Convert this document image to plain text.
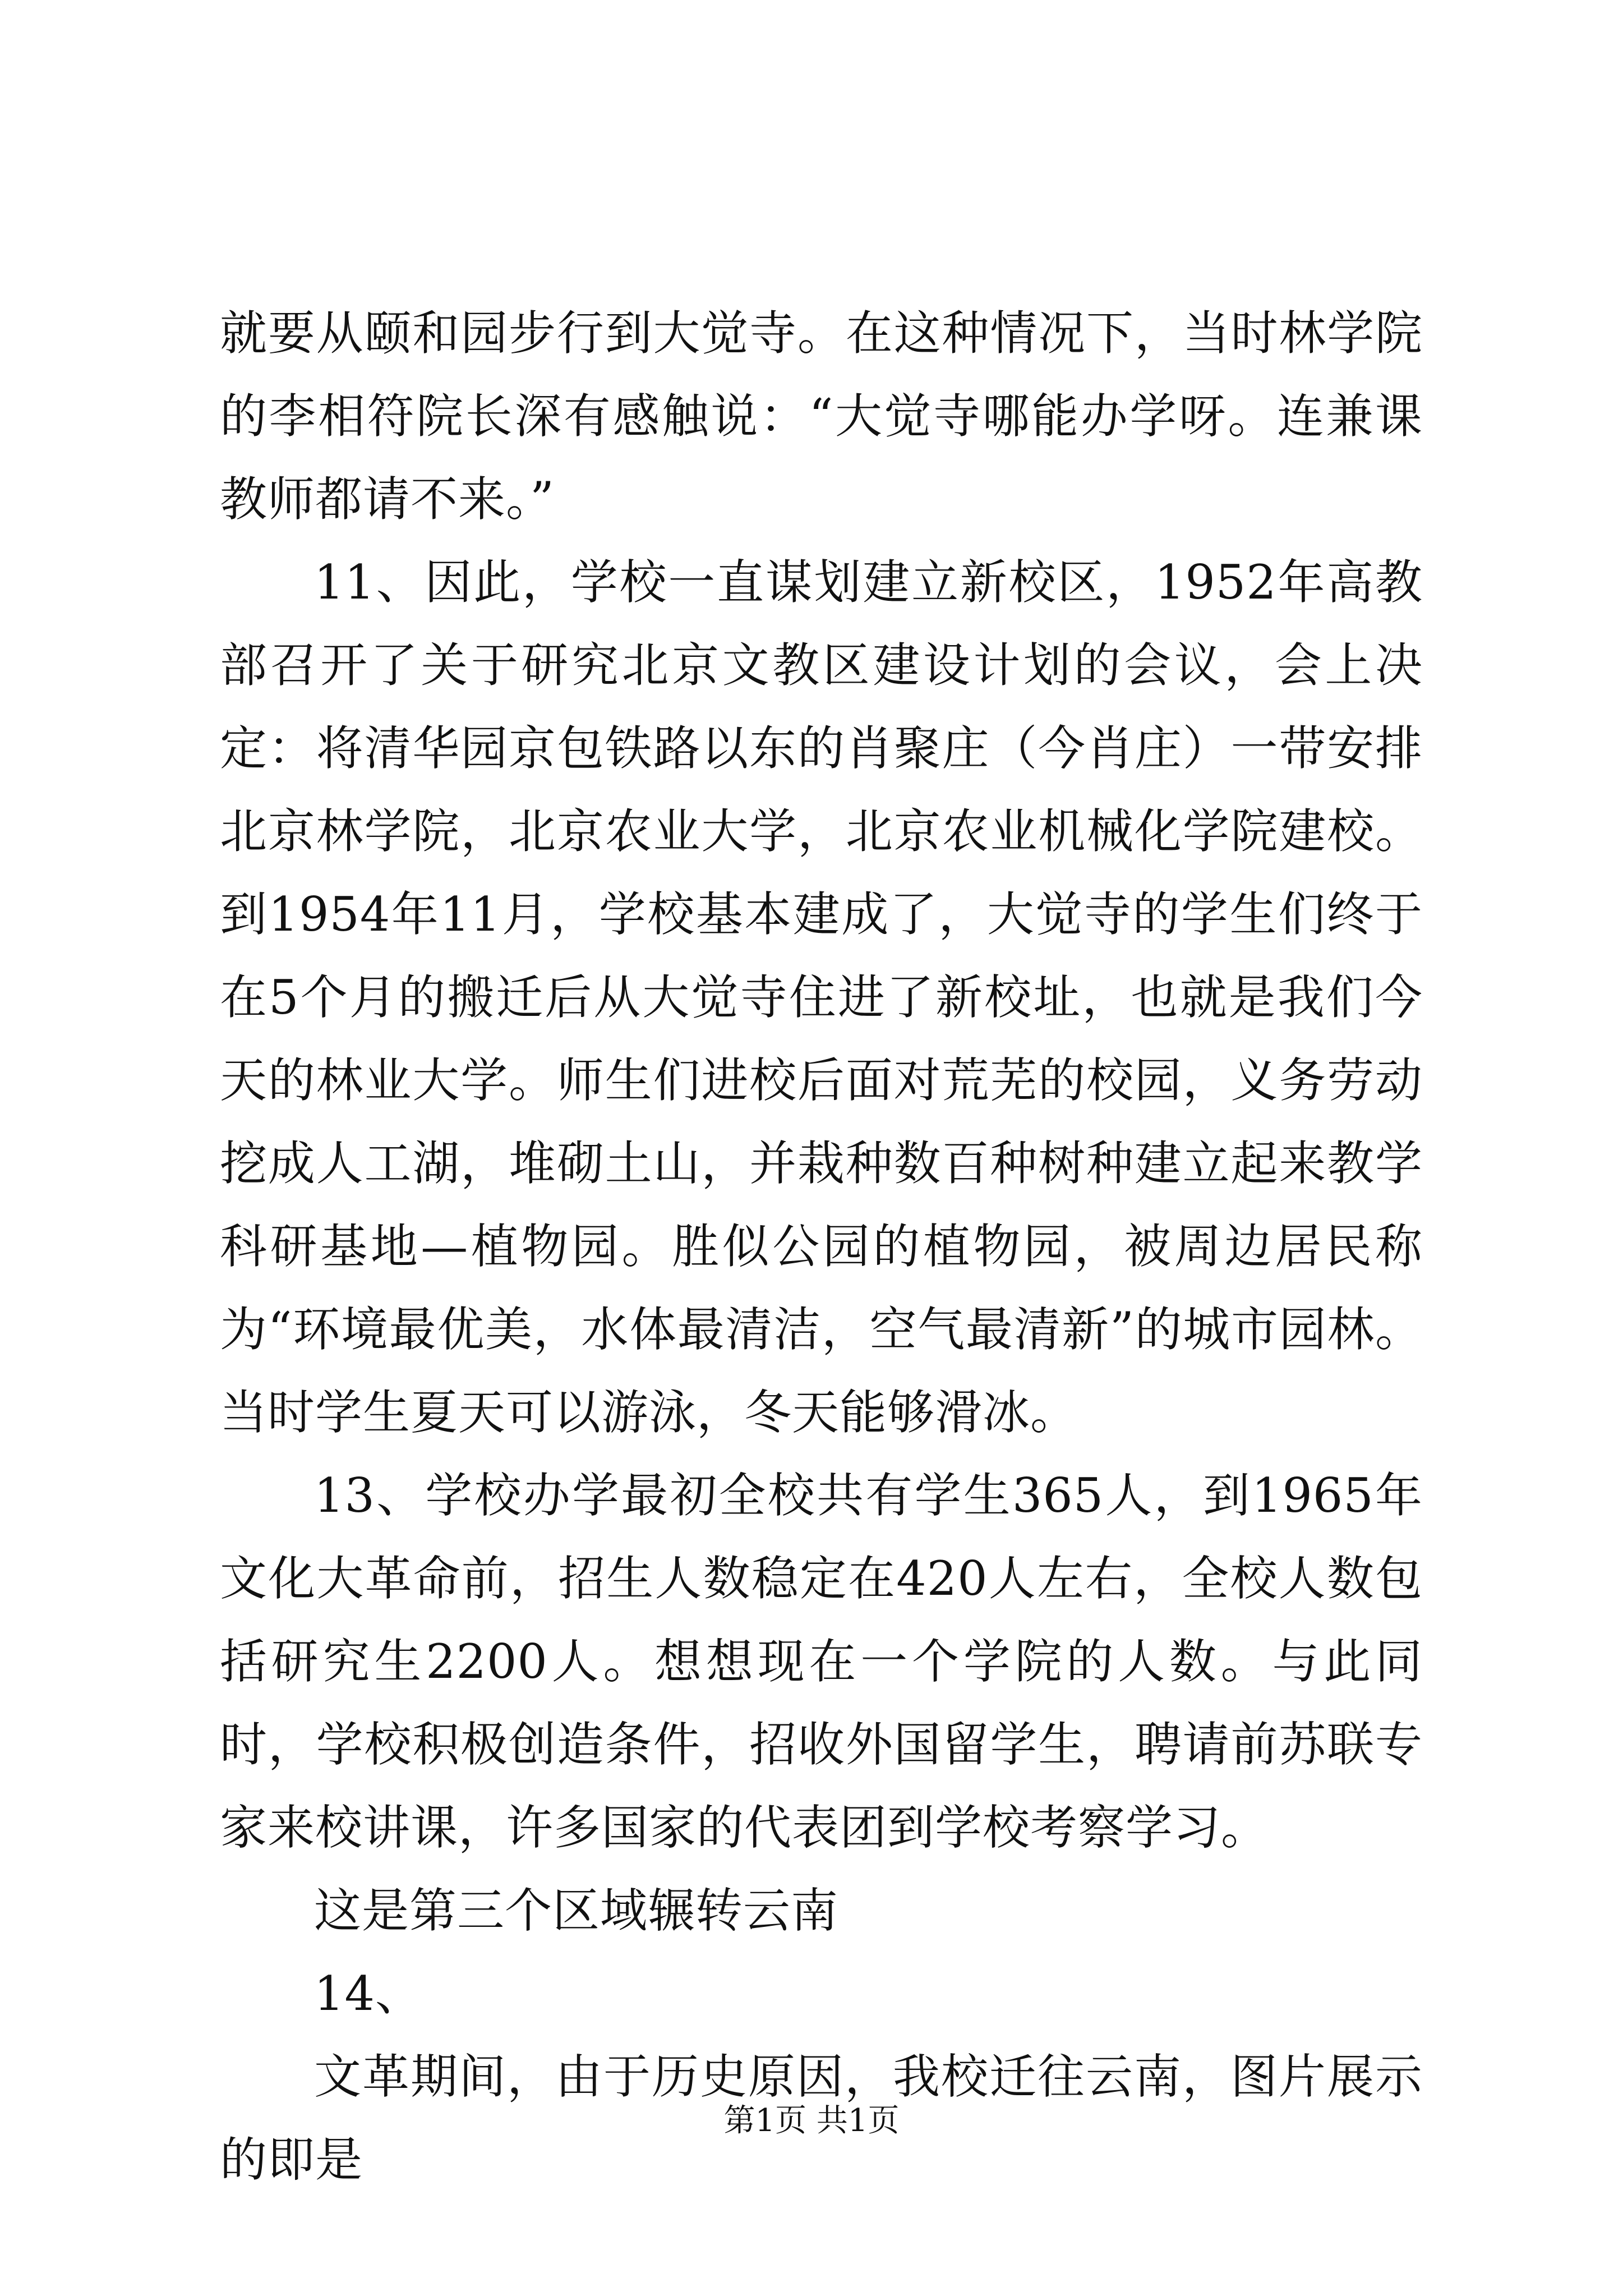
就要从颐和园步行到大觉寺。在这种情况下，当时林学院的李相符院长深有感触说：“大觉寺哪能办学呀。连兼课教师都请不来。”

11、因此，学校一直谋划建立新校区，1952年高教部召开了关于研究北京文教区建设计划的会议，会上决定：将清华园京包铁路以东的肖聚庄（今肖庄）一带安排北京林学院，北京农业大学，北京农业机械化学院建校。到1954年11月，学校基本建成了，大觉寺的学生们终于在5个月的搬迁后从大觉寺住进了新校址，也就是我们今天的林业大学。师生们进校后面对荒芜的校园，义务劳动挖成人工湖，堆砌土山，并栽种数百种树种建立起来教学科研基地—植物园。胜似公园的植物园，被周边居民称为“环境最优美，水体最清洁，空气最清新”的城市园林。当时学生夏天可以游泳，冬天能够滑冰。

13、学校办学最初全校共有学生365人，到1965年文化大革命前，招生人数稳定在420人左右，全校人数包括研究生2200人。想想现在一个学院的人数。与此同时，学校积极创造条件，招收外国留学生，聘请前苏联专家来校讲课，许多国家的代表团到学校考察学习。

这是第三个区域辗转云南

14、

文革期间，由于历史原因，我校迁往云南，图片展示的即是

第1页 共1页
